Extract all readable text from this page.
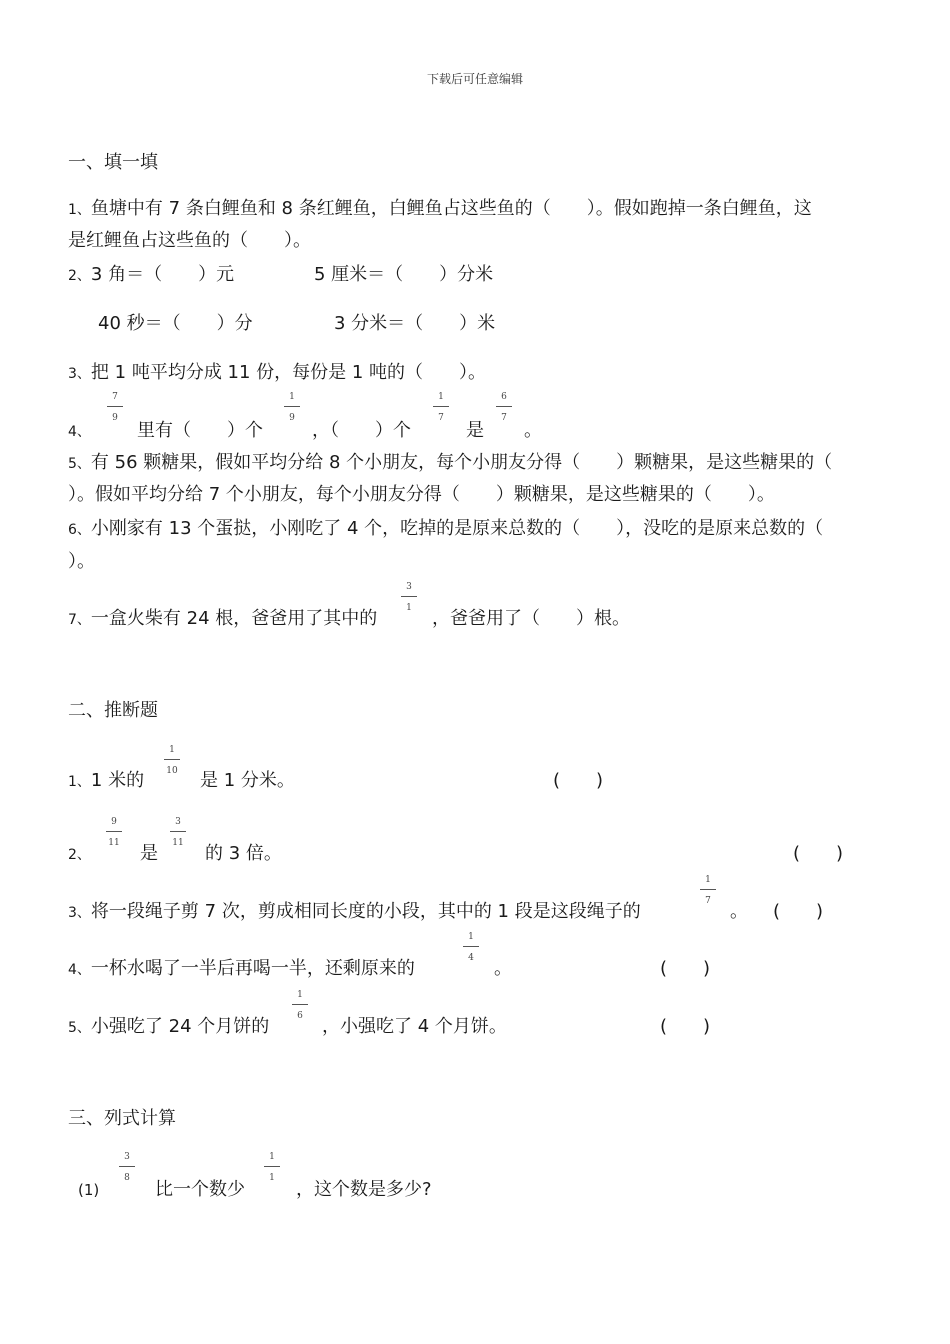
下载后可任意编辑
一、填一填
1、鱼塘中有 7 条白鲤鱼和 8 条红鲤鱼，白鲤鱼占这些鱼的（　　）。假如跑掉一条白鲤鱼，这
是红鲤鱼占这些鱼的（　　）。
2、3 角＝（　　）元	5 厘米＝（　　）分米
40 秒＝（　　）分	3 分米＝（　　）米
3、把 1 吨平均分成 11 份，每份是 1 吨的（　　）。
4、
7
9
里有（　　）个
1
9
，（　　）个
1
7
是
6
7
。
5、有 56 颗糖果，假如平均分给 8 个小朋友，每个小朋友分得（　　）颗糖果，是这些糖果的（
）。假如平均分给 7 个小朋友，每个小朋友分得（　　）颗糖果，是这些糖果的（　　）。
6、小刚家有 13 个蛋挞，小刚吃了 4 个，吃掉的是原来总数的（　　），没吃的是原来总数的（
）。
7、一盒火柴有 24 根，爸爸用了其中的
3
1 ，爸爸用了（　　）根。
二、推断题
1、1 米的
1
10 是 1 分米。	(　　)
2、
9
11 是
3
11 的 3 倍。	(　　)
3、将一段绳子剪 7 次，剪成相同长度的小段，其中的 1 段是这段绳子的
1
7 。 (　　)
4、一杯水喝了一半后再喝一半，还剩原来的
1
4 。	(　　)
5、小强吃了 24 个月饼的
1
6 ，小强吃了 4 个月饼。	(　　)
三、列式计算
(1)
3
8
比一个数少
1
1
，这个数是多少?
